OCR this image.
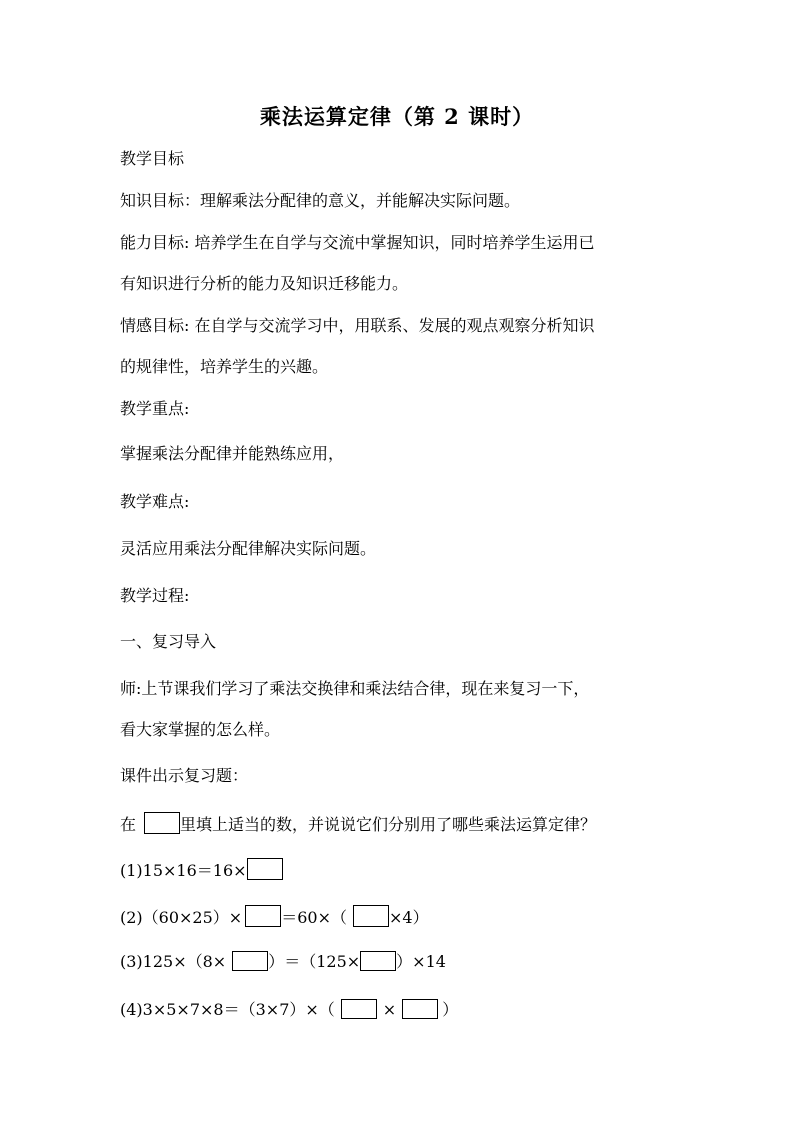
乘法运算定律（第 2 课时）
教学目标
知识目标：理解乘法分配律的意义，并能解决实际问题。
能力目标: 培养学生在自学与交流中掌握知识，同时培养学生运用已
有知识进行分析的能力及知识迁移能力。
情感目标: 在自学与交流学习中，用联系、发展的观点观察分析知识
的规律性，培养学生的兴趣。
教学重点:
掌握乘法分配律并能熟练应用，
教学难点:
灵活应用乘法分配律解决实际问题。
教学过程:
一、复习导入
师:上节课我们学习了乘法交换律和乘法结合律，现在来复习一下，
看大家掌握的怎么样。
课件出示复习题：
在	里填上适当的数，并说说它们分别用了哪些乘法运算定律？
(1)15×16＝16×
(2)（60×25）× ＝60×（	×4）
(3)125×（8×	）＝（125× ）×14
(4)3×5×7×8＝（3×7）×（	×	）
